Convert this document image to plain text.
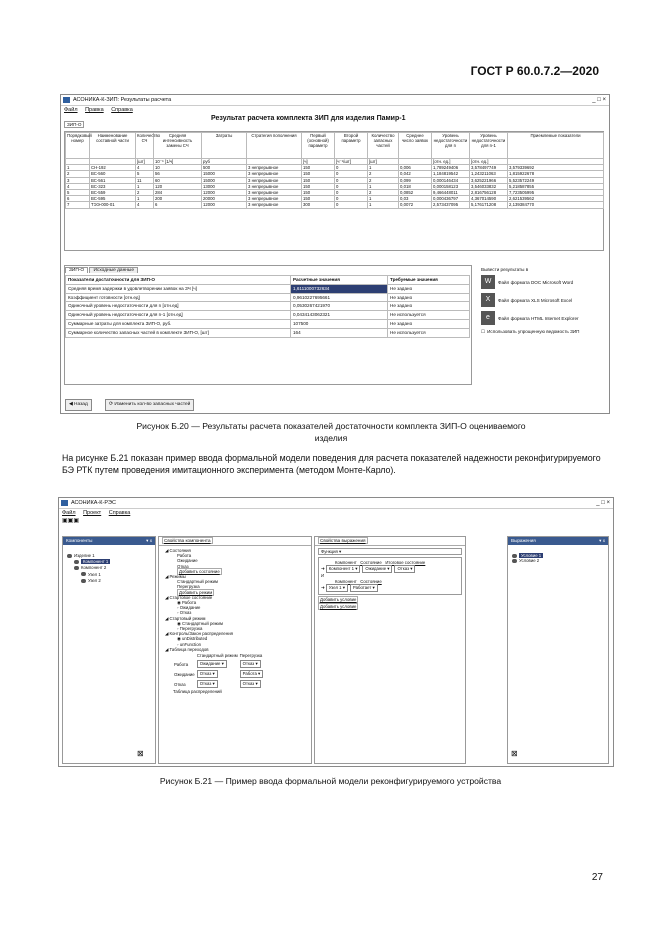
ГОСТ Р 60.0.7.2—2020
АСОНИКА-К-ЗИП: Результаты расчета	_ □ ×
Файл Правка Справка
ЗИП-О
Результат расчета комплекта ЗИП для изделия Памир-1
Порядковый номер	Наименование составной части	Количество СЧ	Средняя интенсивность замены СЧ	Затраты	Стратегия пополнения	Первый (основной) параметр	Второй параметр	Количество запасных частей	Среднее число заявок	Уровень недостаточности для n	Уровень недостаточности для n-1	Приемлемые показатели
		[шт]	10⁻⁶ [1/ч]	руб		[ч]	[ч⁻¹/шт]	[шт]		[отн. ед.]	[отн. ед.]	
1	СН-192	4	10	500	3 непрерывное	150	0	1	0,006	1,789249406	3,578497749	3,579339692
2	ВС-560	5	56	15000	3 непрерывное	150	0	2	0,042	1,184819542	1,243211063	1,815922678
3	ВС-561	11	60	15000	3 непрерывное	150	0	2	0,099	0,000146434	3,625221966	5,523572249
4	ВС-323	1	120	13000	3 непрерывное	150	0	1	0,018	0,000158123	3,546033832	5,218587855
5	ВС-559	2	284	12000	3 непрерывное	150	0	2	0,0852	9,466448011	2,816756128	7,723505995
6	ВС-595	1	200	20000	3 непрерывное	150	0	1	0,03	0,000436797	4,367014590	2,621539562
7	ТЭЭ-000-01	4	6	12000	3 непрерывное	300	0	1	0,0072	2,573437095	5,176171208	2,139384770
ЗИП-О Исходные данные
Показатели достаточности для ЗИП-О	Расчетные значения	Требуемые значения
Средняя время задержки в удовлетворении заявок на ЗЧ [ч]	1,6111000732634	Не задано
Коэффициент готовности [отн.ед]	0,9610227695661	Не задано
Одиночный уровень недостаточности для n [отн.ед]	0,0530267421970	Не задано
Одиночный уровень недостаточности для n-1 [отн.ед]	0,0434143062321	Не используется
Суммарные затраты для комплекта ЗИП-О, руб.	107500	Не задано
Суммарное количество запасных частей в комплекте ЗИП-О, [шт]	164	Не используется
Вывести результаты в
W	Файл формата DOC Microsoft Word
X	Файл формата XLS Microsoft Excel
e	Файл формата HTML Internet Explorer
☐ Использовать упрощенную ведомость ЗИП
◀ Назад	⟳ Изменить кол-во запасных частей
Рисунок Б.20 — Результаты расчета показателей достаточности комплекта ЗИП-О оцениваемого изделия
На рисунке Б.21 показан пример ввода формальной модели поведения для расчета показателей надежности реконфигурируемого БЭ РТК путем проведения имитационного эксперимента (методом Монте-Карло).
АСОНИКА-К-РЭС	_ □ ×
Файл Проект Справка
▣▣▣
Компоненты	▾ x
Изделие 1
Компонент 1
Компонент 2
Узел 1
Узел 2
⊠
Свойства компонента
◢ Состояния
Работа
Ожидание
Отказ
Добавить состояние
◢ Режимы
Стандартный режим
Перегрузка
Добавить режим
◢ Стартовое состояние
◉ Работа
◦ Ожидание
◦ Отказ
◢ Стартовый режим
◉ Стандартный режим
◦ Перегрузка
◢ Контроль/Закон распределения
◉ unDistributed
◦ unFunction
◢ Таблица переходов
	Стандартный режим	Перегрузка
Работа	Ожидание ▾	Отказ ▾
Ожидание	Отказ ▾	Работа ▾
Отказ	Отказ ▾	Отказ ▾
Таблица распределений
Свойства выражения
Функция ▾
Компонент Состояние Итоговое состояние
➜ Компонент 1 ▾	Ожидание ▾	Отказ ▾
И
Компонент Состояние
➜ Узел 1 ▾	Работает ▾
Добавить условие
Добавить условие
Выражения	▾ x
Условие 1
Условие 2
⊠
Рисунок Б.21 — Пример ввода формальной модели реконфигурируемого устройства
27
